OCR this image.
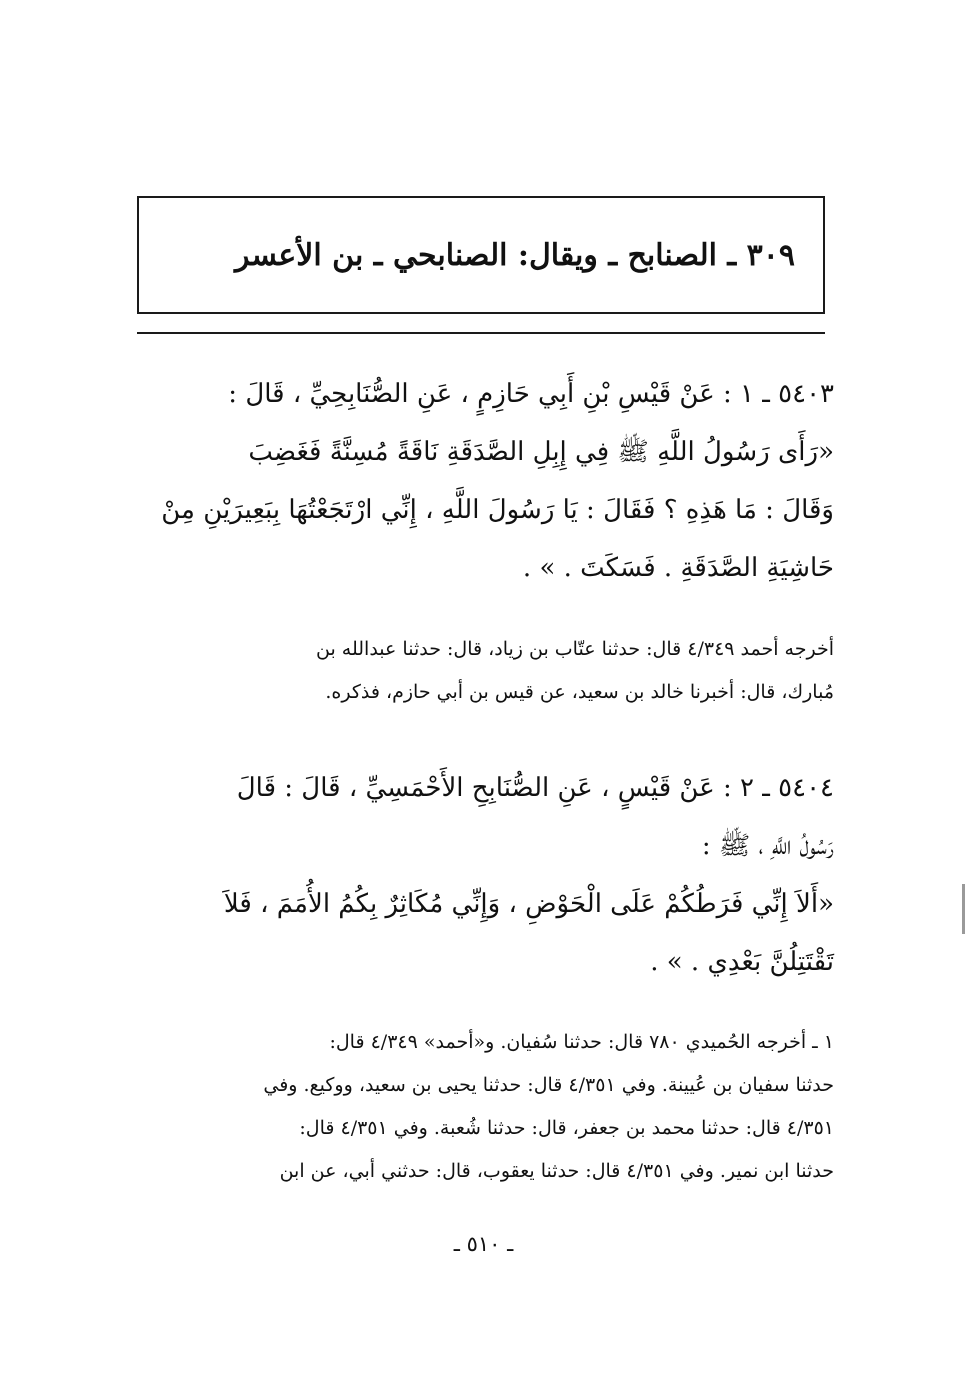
٣٠٩ ـ الصنابح ـ ويقال: الصنابحي ـ بن الأعسر
٥٤٠٣ ـ ١ : عَنْ قَيْسِ بْنِ أَبِي حَازِمٍ ، عَنِ الصُّنَابِحِيِّ ، قَالَ :
«رَأَى رَسُولُ اللَّهِ ﷺ فِي إِبِلِ الصَّدَقَةِ نَاقَةً مُسِنَّةً فَغَضِبَ
وَقَالَ : مَا هَذِهِ ؟ فَقَالَ : يَا رَسُولَ اللَّهِ ، إِنِّي ارْتَجَعْتُهَا بِبَعِيرَيْنِ مِنْ
حَاشِيَةِ الصَّدَقَةِ . فَسَكَتَ . » .
أخرجه أحمد ٤/٣٤٩ قال: حدثنا عتّاب بن زياد، قال: حدثنا عبدالله بن
مُبارك، قال: أخبرنا خالد بن سعيد، عن قيس بن أبي حازم، فذكره.
٥٤٠٤ ـ ٢ : عَنْ قَيْسٍ ، عَنِ الصُّنَابِحِ الأَحْمَسِيِّ ، قَالَ : قَالَ
رَسُولُ اللَّهِ ، ﷺ :
«أَلاَ إِنِّي فَرَطُكُمْ عَلَى الْحَوْضِ ، وَإِنِّي مُكَاثِرٌ بِكُمُ الأُمَمَ ، فَلاَ
تَقْتَتِلُنَّ بَعْدِي . » .
١ ـ أخرجه الحُميدي ٧٨٠ قال: حدثنا سُفيان. و«أحمد» ٤/٣٤٩ قال:
حدثنا سفيان بن عُيينة. وفي ٤/٣٥١ قال: حدثنا يحيى بن سعيد، ووكيع. وفي
٤/٣٥١ قال: حدثنا محمد بن جعفر، قال: حدثنا شُعبة. وفي ٤/٣٥١ قال:
حدثنا ابن نمير. وفي ٤/٣٥١ قال: حدثنا يعقوب، قال: حدثني أبي، عن ابن
ـ ٥١٠ ـ
